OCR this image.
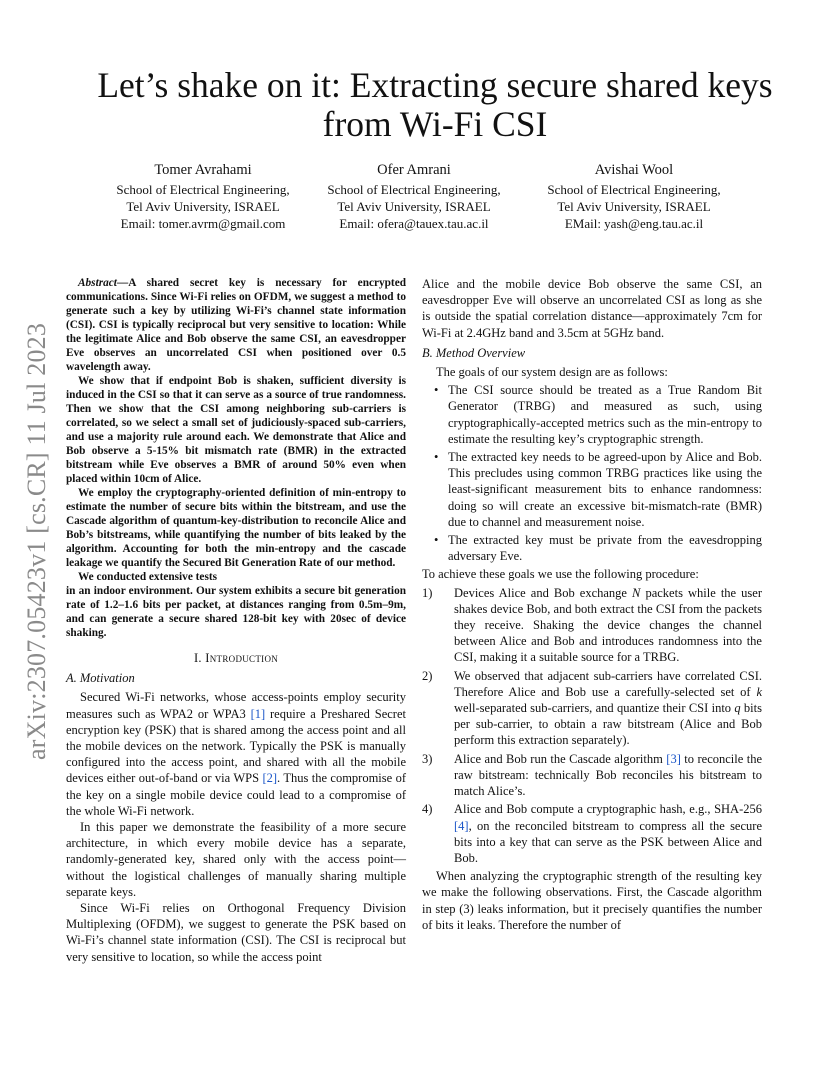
arXiv:2307.05423v1 [cs.CR] 11 Jul 2023
Let’s shake on it: Extracting secure shared keys
from Wi-Fi CSI
Tomer Avrahami
School of Electrical Engineering,
Tel Aviv University, ISRAEL
Email: tomer.avrm@gmail.com
Ofer Amrani
School of Electrical Engineering,
Tel Aviv University, ISRAEL
Email: ofera@tauex.tau.ac.il
Avishai Wool
School of Electrical Engineering,
Tel Aviv University, ISRAEL
EMail: yash@eng.tau.ac.il

Abstract—A shared secret key is necessary for encrypted communications. Since Wi-Fi relies on OFDM, we suggest a method to generate such a key by utilizing Wi-Fi’s channel state information (CSI). CSI is typically reciprocal but very sensitive to location: While the legitimate Alice and Bob observe the same CSI, an eavesdropper Eve observes an uncorrelated CSI when positioned over 0.5 wavelength away.

We show that if endpoint Bob is shaken, sufficient diversity is induced in the CSI so that it can serve as a source of true randomness. Then we show that the CSI among neighboring sub-carriers is correlated, so we select a small set of judiciously-spaced sub-carriers, and use a majority rule around each. We demonstrate that Alice and Bob observe a 5-15% bit mismatch rate (BMR) in the extracted bitstream while Eve observes a BMR of around 50% even when placed within 10cm of Alice.

We employ the cryptography-oriented definition of min-entropy to estimate the number of secure bits within the bitstream, and use the Cascade algorithm of quantum-key-distribution to reconcile Alice and Bob’s bitstreams, while quantifying the number of bits leaked by the algorithm. Accounting for both the min-entropy and the cascade leakage we quantify the Secured Bit Generation Rate of our method.

We conducted extensive tests

in an indoor environment. Our system exhibits a secure bit generation rate of 1.2–1.6 bits per packet, at distances ranging from 0.5m–9m, and can generate a secure shared 128-bit key with 20sec of device shaking.

I. Introduction
A. Motivation

Secured Wi-Fi networks, whose access-points employ security measures such as WPA2 or WPA3 [1] require a Preshared Secret encryption key (PSK) that is shared among the access point and all the mobile devices on the network. Typically the PSK is manually configured into the access point, and shared with all the mobile devices either out-of-band or via WPS [2]. Thus the compromise of the key on a single mobile device could lead to a compromise of the whole Wi-Fi network.

In this paper we demonstrate the feasibility of a more secure architecture, in which every mobile device has a separate, randomly-generated key, shared only with the access point—without the logistical challenges of manually sharing multiple separate keys.

Since Wi-Fi relies on Orthogonal Frequency Division Multiplexing (OFDM), we suggest to generate the PSK based on Wi-Fi’s channel state information (CSI). The CSI is reciprocal but very sensitive to location, so while the access point

Alice and the mobile device Bob observe the same CSI, an eavesdropper Eve will observe an uncorrelated CSI as long as she is outside the spatial correlation distance—approximately 7cm for Wi-Fi at 2.4GHz band and 3.5cm at 5GHz band.

B. Method Overview

The goals of our system design are as follows:

• The CSI source should be treated as a True Random Bit Generator (TRBG) and measured as such, using cryptographically-accepted metrics such as the min-entropy to estimate the resulting key’s cryptographic strength.
• The extracted key needs to be agreed-upon by Alice and Bob. This precludes using common TRBG practices like using the least-significant measurement bits to enhance randomness: doing so will create an excessive bit-mismatch-rate (BMR) due to channel and measurement noise.
• The extracted key must be private from the eavesdropping adversary Eve.

To achieve these goals we use the following procedure:

1) Devices Alice and Bob exchange N packets while the user shakes device Bob, and both extract the CSI from the packets they receive. Shaking the device changes the channel between Alice and Bob and introduces randomness into the CSI, making it a suitable source for a TRBG.
2) We observed that adjacent sub-carriers have correlated CSI. Therefore Alice and Bob use a carefully-selected set of k well-separated sub-carriers, and quantize their CSI into q bits per sub-carrier, to obtain a raw bitstream (Alice and Bob perform this extraction separately).
3) Alice and Bob run the Cascade algorithm [3] to reconcile the raw bitstream: technically Bob reconciles his bitstream to match Alice’s.
4) Alice and Bob compute a cryptographic hash, e.g., SHA-256 [4], on the reconciled bitstream to compress all the secure bits into a key that can serve as the PSK between Alice and Bob.

When analyzing the cryptographic strength of the resulting key we make the following observations. First, the Cascade algorithm in step (3) leaks information, but it precisely quantifies the number of bits it leaks. Therefore the number of
